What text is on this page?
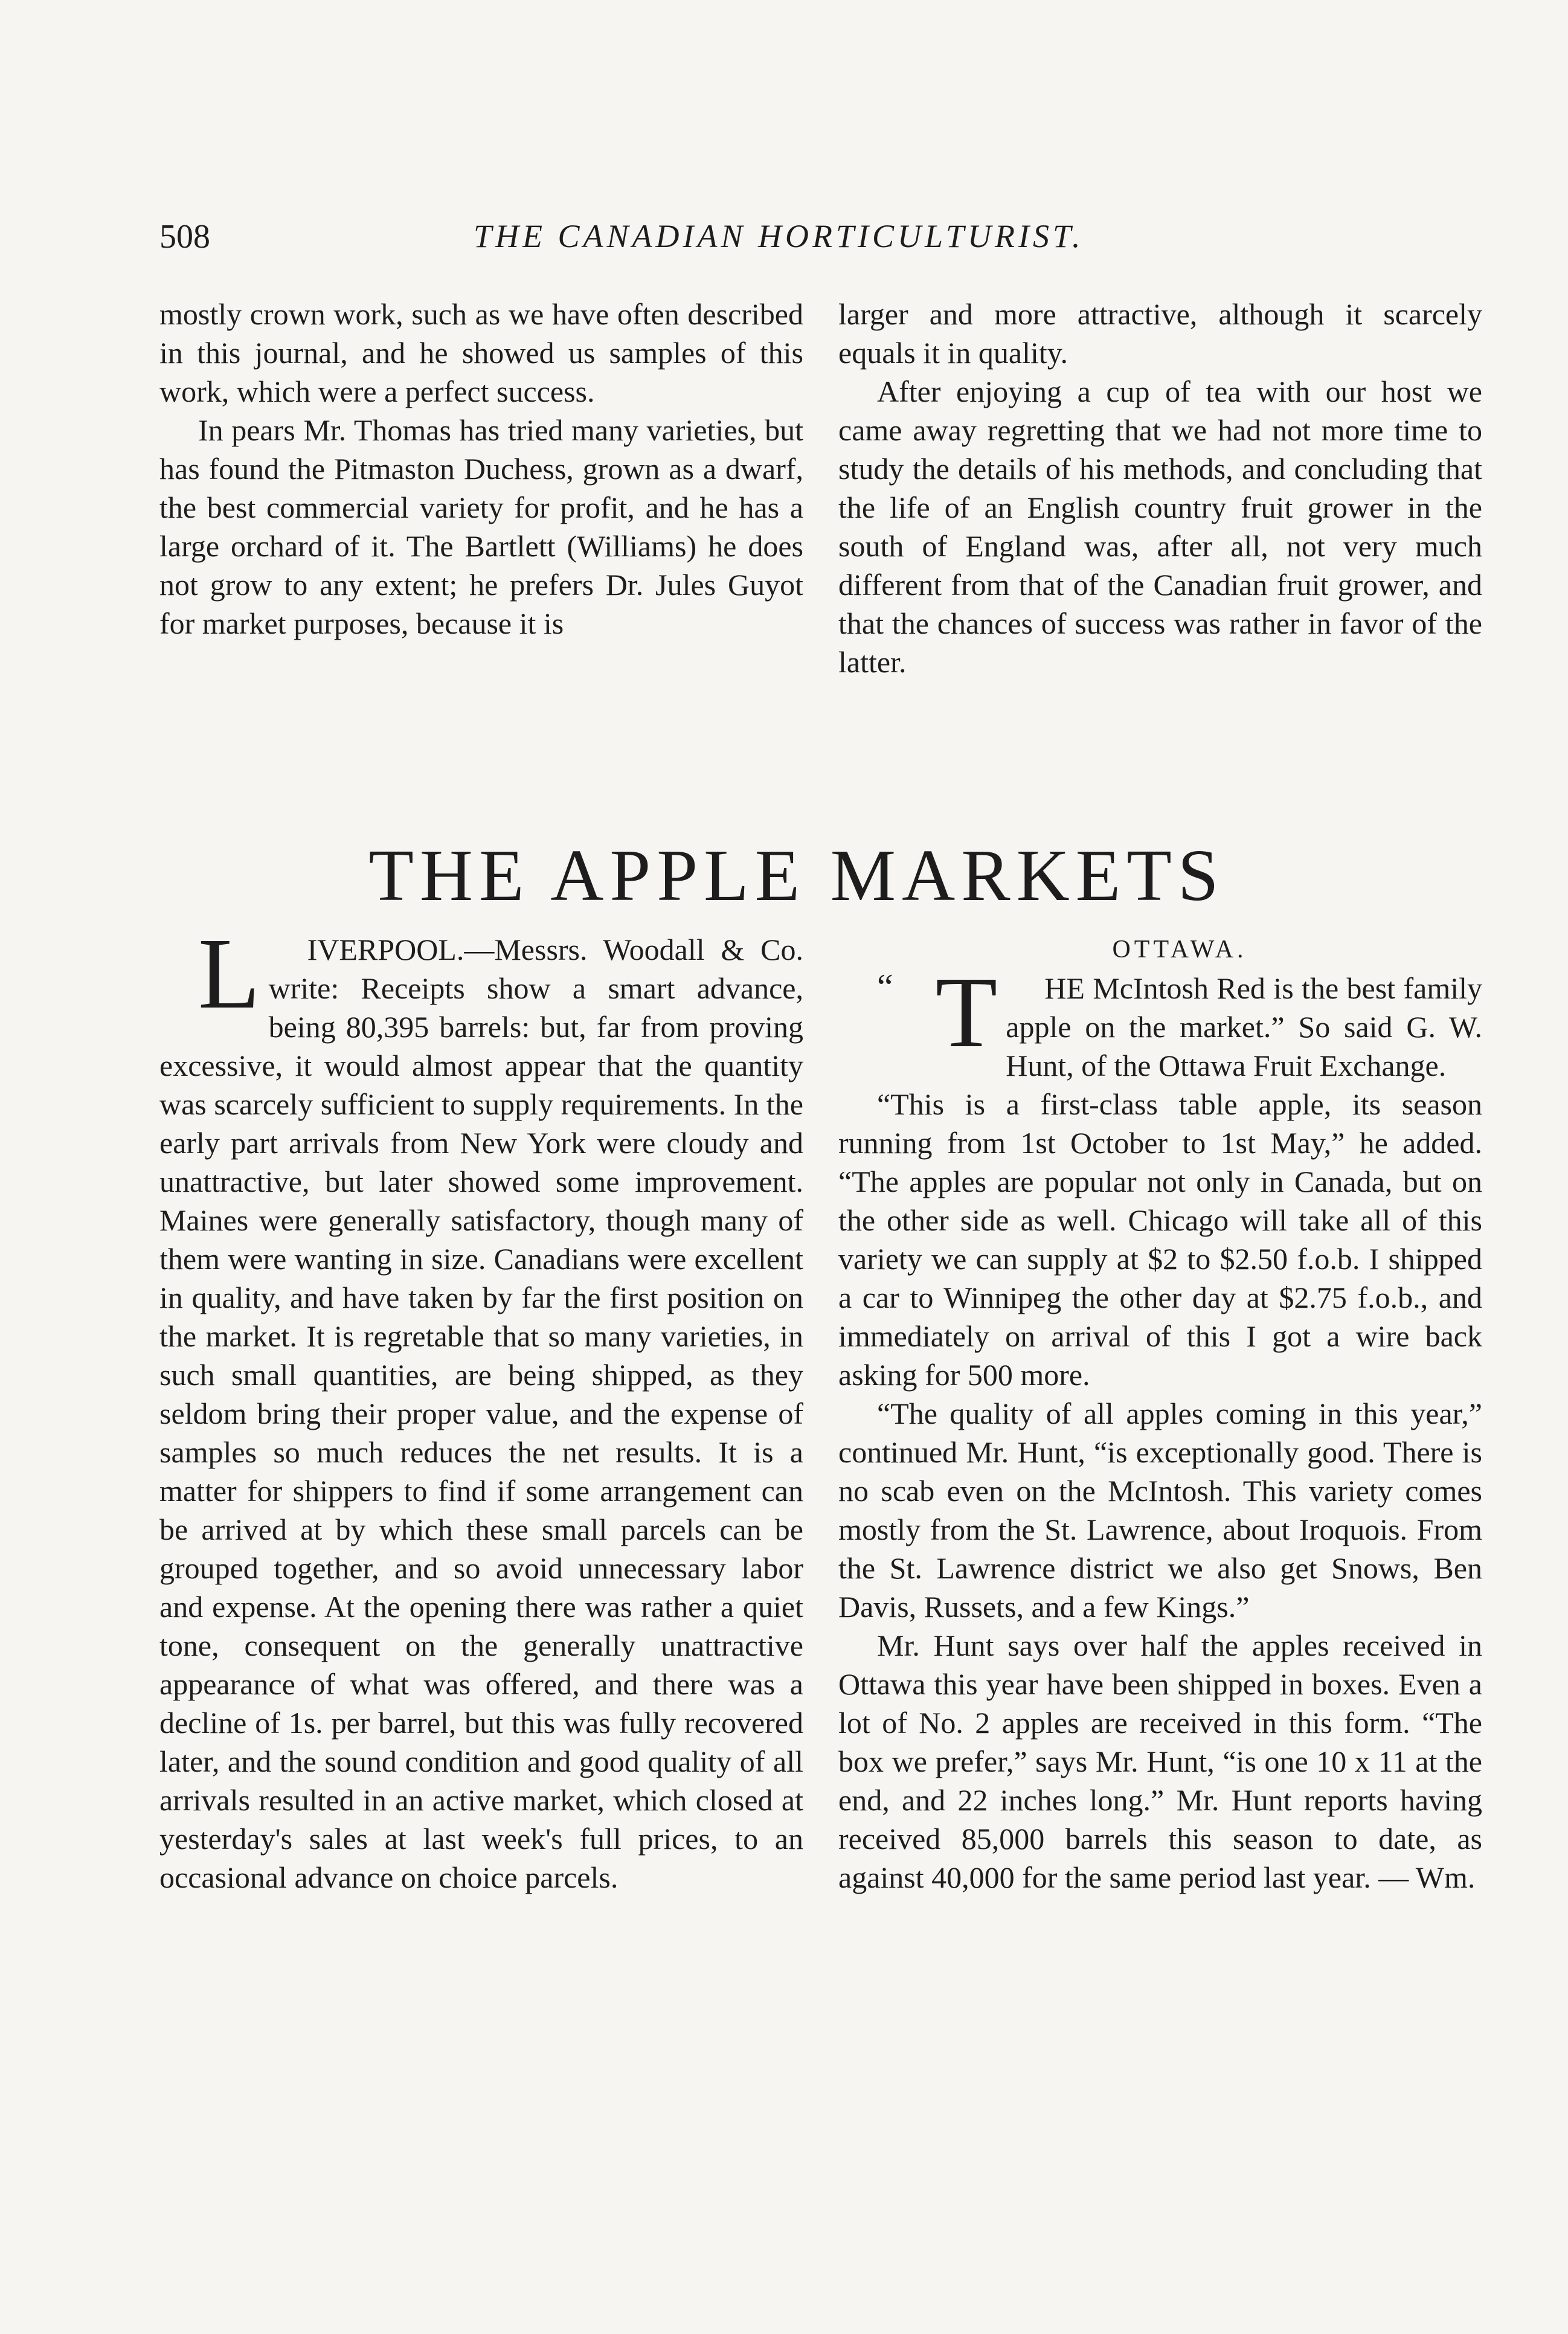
508	THE CANADIAN HORTICULTURIST.

mostly crown work, such as we have often described in this journal, and he showed us samples of this work, which were a perfect success.

In pears Mr. Thomas has tried many varieties, but has found the Pitmaston Duchess, grown as a dwarf, the best commercial variety for profit, and he has a large orchard of it. The Bartlett (Williams) he does not grow to any extent; he prefers Dr. Jules Guyot for market purposes, because it is

larger and more attractive, although it scarcely equals it in quality.

After enjoying a cup of tea with our host we came away regretting that we had not more time to study the details of his methods, and concluding that the life of an English country fruit grower in the south of England was, after all, not very much different from that of the Canadian fruit grower, and that the chances of success was rather in favor of the latter.

THE APPLE MARKETS

L IVERPOOL.—Messrs. Woodall & Co. write: Receipts show a smart advance, being 80,395 barrels: but, far from proving excessive, it would almost appear that the quantity was scarcely sufficient to supply requirements. In the early part arrivals from New York were cloudy and unattractive, but later showed some improvement. Maines were generally satisfactory, though many of them were wanting in size. Canadians were excellent in quality, and have taken by far the first position on the market. It is regretable that so many varieties, in such small quantities, are being shipped, as they seldom bring their proper value, and the expense of samples so much reduces the net results. It is a matter for shippers to find if some arrangement can be arrived at by which these small parcels can be grouped together, and so avoid unnecessary labor and expense. At the opening there was rather a quiet tone, consequent on the generally unattractive appearance of what was offered, and there was a decline of 1s. per barrel, but this was fully recovered later, and the sound condition and good quality of all arrivals resulted in an active market, which closed at yesterday's sales at last week's full prices, to an occasional advance on choice parcels.

OTTAWA.

“ T HE McIntosh Red is the best family apple on the market.” So said G. W. Hunt, of the Ottawa Fruit Exchange.

“This is a first-class table apple, its season running from 1st October to 1st May,” he added. “The apples are popular not only in Canada, but on the other side as well. Chicago will take all of this variety we can supply at $2 to $2.50 f.o.b. I shipped a car to Winnipeg the other day at $2.75 f.o.b., and immediately on arrival of this I got a wire back asking for 500 more.

“The quality of all apples coming in this year,” continued Mr. Hunt, “is exceptionally good. There is no scab even on the McIntosh. This variety comes mostly from the St. Lawrence, about Iroquois. From the St. Lawrence district we also get Snows, Ben Davis, Russets, and a few Kings.”

Mr. Hunt says over half the apples received in Ottawa this year have been shipped in boxes. Even a lot of No. 2 apples are received in this form. “The box we prefer,” says Mr. Hunt, “is one 10 x 11 at the end, and 22 inches long.” Mr. Hunt reports having received 85,000 barrels this season to date, as against 40,000 for the same period last year. — Wm.
